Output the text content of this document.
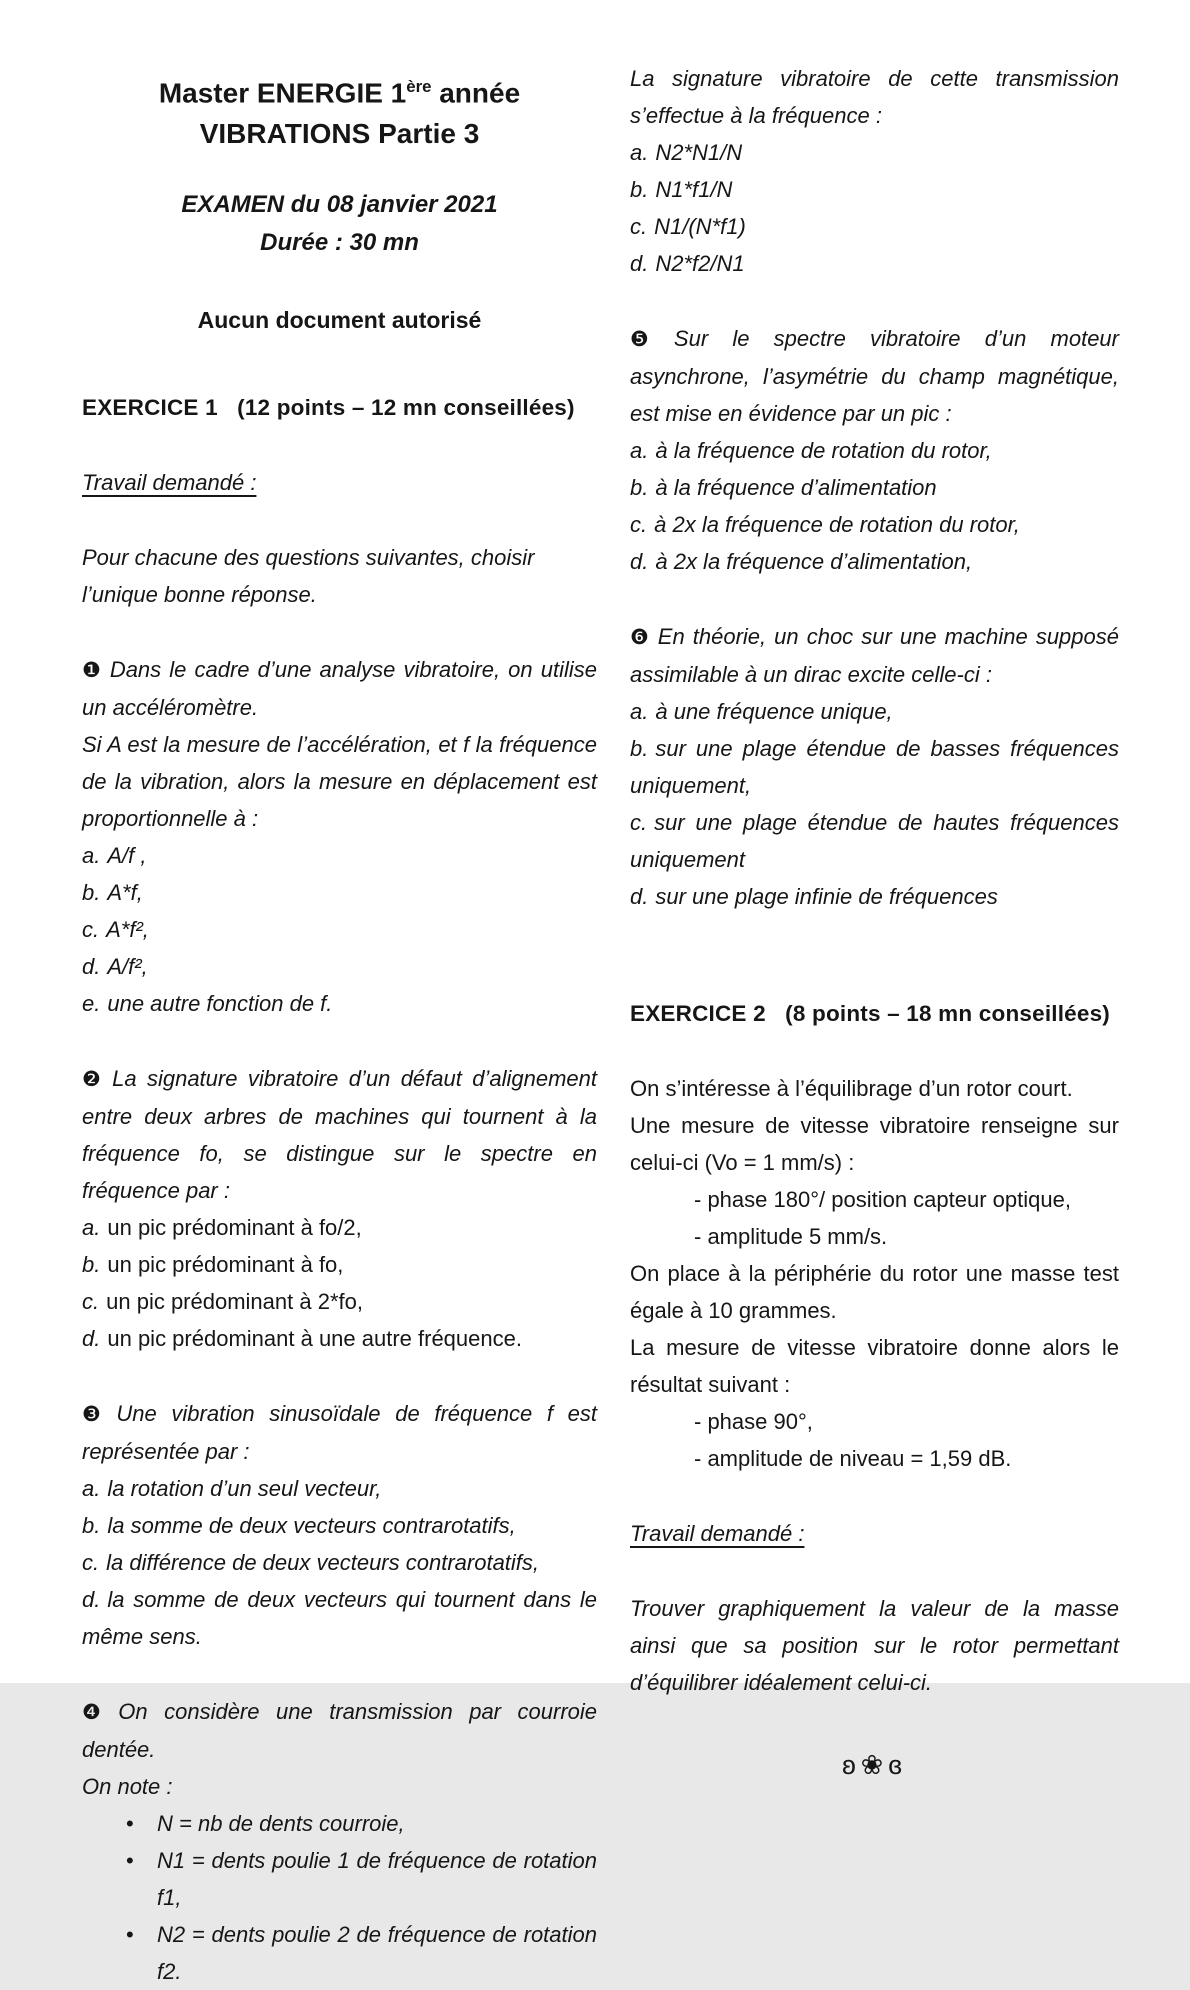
Master ENERGIE 1ère année
VIBRATIONS Partie 3
EXAMEN du 08 janvier 2021
Durée : 30 mn
Aucun document autorisé
EXERCICE 1   (12 points – 12 mn conseillées)

Travail demandé :

Pour chacune des questions suivantes, choisir l’unique bonne réponse.

❶ Dans le cadre d’une analyse vibratoire, on utilise un accéléromètre.

Si A est la mesure de l’accélération, et f la fréquence de la vibration, alors la mesure en déplacement est proportionnelle à :

a. A/f ,

b. A*f,

c. A*f²,

d. A/f²,

e. une autre fonction de f.

❷ La signature vibratoire d’un défaut d’alignement entre deux arbres de machines qui tournent à la fréquence fo, se distingue sur le spectre en fréquence par :

a. un pic prédominant à fo/2,

b. un pic prédominant à fo,

c. un pic prédominant à 2*fo,

d. un pic prédominant à une autre fréquence.

❸ Une vibration sinusoïdale de fréquence f est représentée par :

a. la rotation d’un seul vecteur,

b. la somme de deux vecteurs contrarotatifs,

c. la différence de deux vecteurs contrarotatifs,

d. la somme de deux vecteurs qui tournent dans le même sens.

❹ On considère une transmission par courroie dentée.

On note :

• N = nb de dents courroie,
• N1 = dents poulie 1 de fréquence de rotation f1,
• N2 = dents poulie 2 de fréquence de rotation f2.

La signature vibratoire de cette transmission s’effectue à la fréquence :

a. N2*N1/N

b. N1*f1/N

c. N1/(N*f1)

d. N2*f2/N1

❺ Sur le spectre vibratoire d’un moteur asynchrone, l’asymétrie du champ magnétique, est mise en évidence par un pic :

a. à la fréquence de rotation du rotor,

b. à la fréquence d’alimentation

c. à 2x la fréquence de rotation du rotor,

d. à 2x la fréquence d’alimentation,

❻ En théorie, un choc sur une machine supposé assimilable à un dirac excite celle-ci :

a. à une fréquence unique,

b. sur une plage étendue de basses fréquences uniquement,

c. sur une plage étendue de hautes fréquences uniquement

d. sur une plage infinie de fréquences

EXERCICE 2   (8 points – 18 mn conseillées)

On s’intéresse à l’équilibrage d’un rotor court.

Une mesure de vitesse vibratoire renseigne sur celui-ci (Vo = 1 mm/s) :

- phase 180°/ position capteur optique,

- amplitude 5 mm/s.

On place à la périphérie du rotor une masse test égale à 10 grammes.

La mesure de vitesse vibratoire donne alors le résultat suivant :

- phase 90°,

- amplitude de niveau = 1,59 dB.

Travail demandé :

Trouver graphiquement la valeur de la masse ainsi que sa position sur le rotor permettant d’équilibrer idéalement celui-ci.

ʚ❀ɞ
